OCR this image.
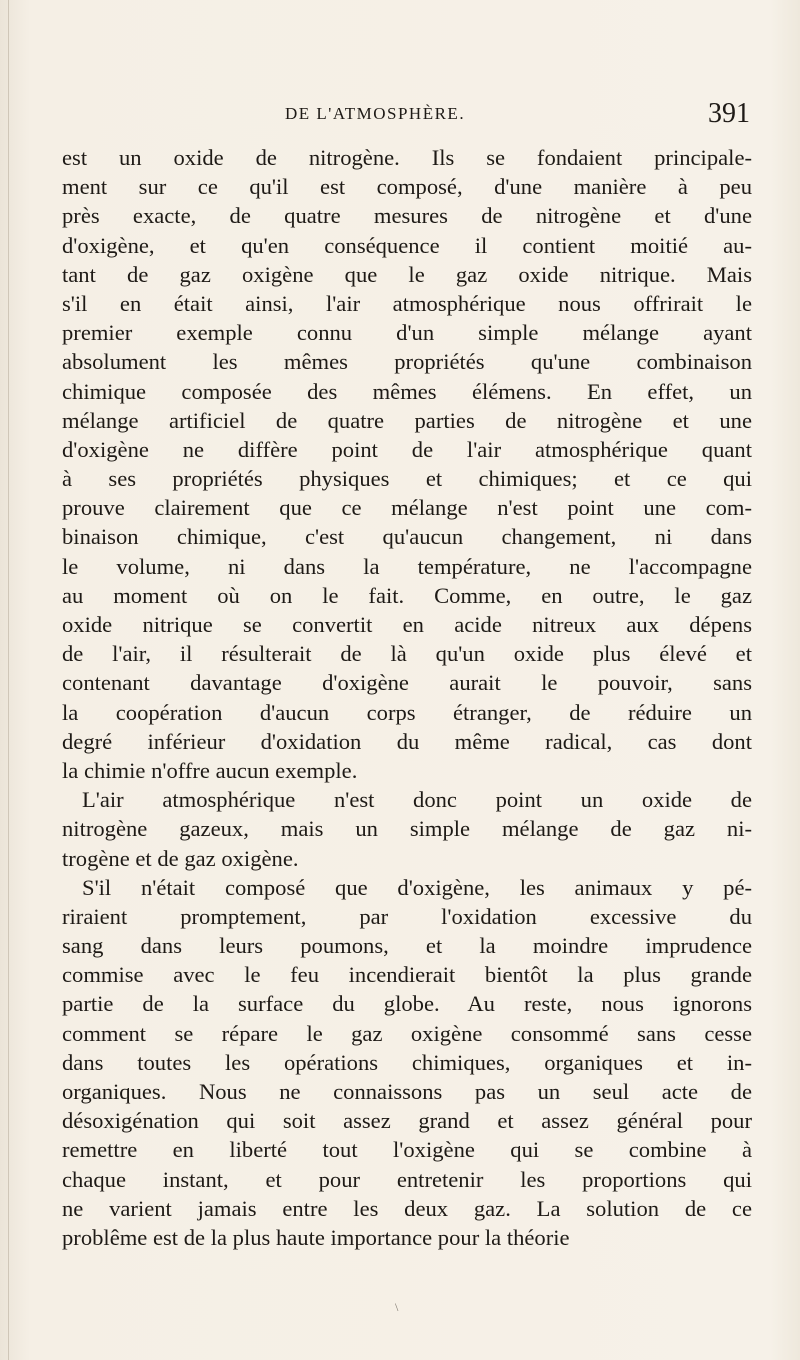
DE L'ATMOSPHÈRE.	391
est un oxide de nitrogène. Ils se fondaient principale-
ment sur ce qu'il est composé, d'une manière à peu
près exacte, de quatre mesures de nitrogène et d'une
d'oxigène, et qu'en conséquence il contient moitié au-
tant de gaz oxigène que le gaz oxide nitrique. Mais
s'il en était ainsi, l'air atmosphérique nous offrirait le
premier exemple connu d'un simple mélange ayant
absolument les mêmes propriétés qu'une combinaison
chimique composée des mêmes élémens. En effet, un
mélange artificiel de quatre parties de nitrogène et une
d'oxigène ne diffère point de l'air atmosphérique quant
à ses propriétés physiques et chimiques; et ce qui
prouve clairement que ce mélange n'est point une com-
binaison chimique, c'est qu'aucun changement, ni dans
le volume, ni dans la température, ne l'accompagne
au moment où on le fait. Comme, en outre, le gaz
oxide nitrique se convertit en acide nitreux aux dépens
de l'air, il résulterait de là qu'un oxide plus élevé et
contenant davantage d'oxigène aurait le pouvoir, sans
la coopération d'aucun corps étranger, de réduire un
degré inférieur d'oxidation du même radical, cas dont
la chimie n'offre aucun exemple.
L'air atmosphérique n'est donc point un oxide de
nitrogène gazeux, mais un simple mélange de gaz ni-
trogène et de gaz oxigène.
S'il n'était composé que d'oxigène, les animaux y pé-
riraient promptement, par l'oxidation excessive du
sang dans leurs poumons, et la moindre imprudence
commise avec le feu incendierait bientôt la plus grande
partie de la surface du globe. Au reste, nous ignorons
comment se répare le gaz oxigène consommé sans cesse
dans toutes les opérations chimiques, organiques et in-
organiques. Nous ne connaissons pas un seul acte de
désoxigénation qui soit assez grand et assez général pour
remettre en liberté tout l'oxigène qui se combine à
chaque instant, et pour entretenir les proportions qui
ne varient jamais entre les deux gaz. La solution de ce
problême est de la plus haute importance pour la théorie
\
